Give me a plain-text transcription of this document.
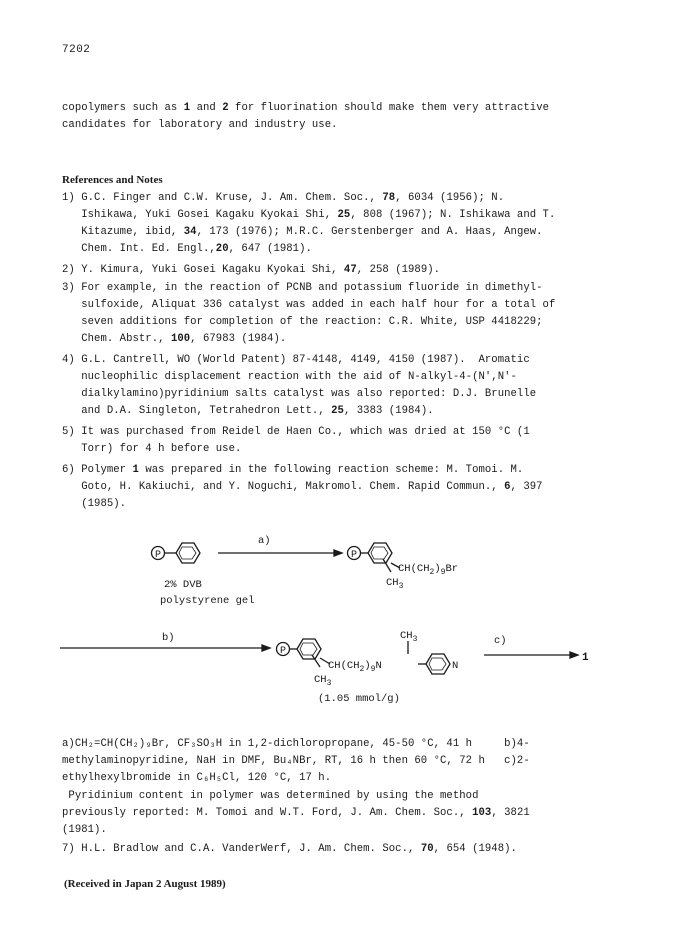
7202
copolymers such as 1 and 2 for fluorination should make them very attractive
candidates for laboratory and industry use.
References and Notes
1) G.C. Finger and C.W. Kruse, J. Am. Chem. Soc., 78, 6034 (1956); N.
Ishikawa, Yuki Gosei Kagaku Kyokai Shi, 25, 808 (1967); N. Ishikawa and T.
Kitazume, ibid, 34, 173 (1976); M.R.C. Gerstenberger and A. Haas, Angew.
Chem. Int. Ed. Engl.,20, 647 (1981).
2) Y. Kimura, Yuki Gosei Kagaku Kyokai Shi, 47, 258 (1989).
3) For example, in the reaction of PCNB and potassium fluoride in dimethyl-
sulfoxide, Aliquat 336 catalyst was added in each half hour for a total of
seven additions for completion of the reaction: C.R. White, USP 4418229;
Chem. Abstr., 100, 67983 (1984).
4) G.L. Cantrell, WO (World Patent) 87-4148, 4149, 4150 (1987).  Aromatic
nucleophilic displacement reaction with the aid of N-alkyl-4-(N',N'-
dialkylamino)pyridinium salts catalyst was also reported: D.J. Brunelle
and D.A. Singleton, Tetrahedron Lett., 25, 3383 (1984).
5) It was purchased from Reidel de Haen Co., which was dried at 150 °C (1
Torr) for 4 h before use.
6) Polymer 1 was prepared in the following reaction scheme: M. Tomoi. M.
Goto, H. Kakiuchi, and Y. Noguchi, Makromol. Chem. Rapid Commun., 6, 397
(1985).
P
a)
2% DVB
polystyrene gel
P
$CH(CH_2)_9Br$
$CH_3$
b)
P
$CH_3$
$CH(CH_2)_9N$	N
$CH_3$
(1.05 mmol/g)
c)
1
a)CH₂=CH(CH₂)₉Br, CF₃SO₃H in 1,2-dichloropropane, 45-50 °C, 41 h     b)4-
methylaminopyridine, NaH in DMF, Bu₄NBr, RT, 16 h then 60 °C, 72 h   c)2-
ethylhexylbromide in C₆H₅Cl, 120 °C, 17 h.
Pyridinium content in polymer was determined by using the method
previously reported: M. Tomoi and W.T. Ford, J. Am. Chem. Soc., 103, 3821
(1981).
7) H.L. Bradlow and C.A. VanderWerf, J. Am. Chem. Soc., 70, 654 (1948).
(Received in Japan 2 August 1989)
